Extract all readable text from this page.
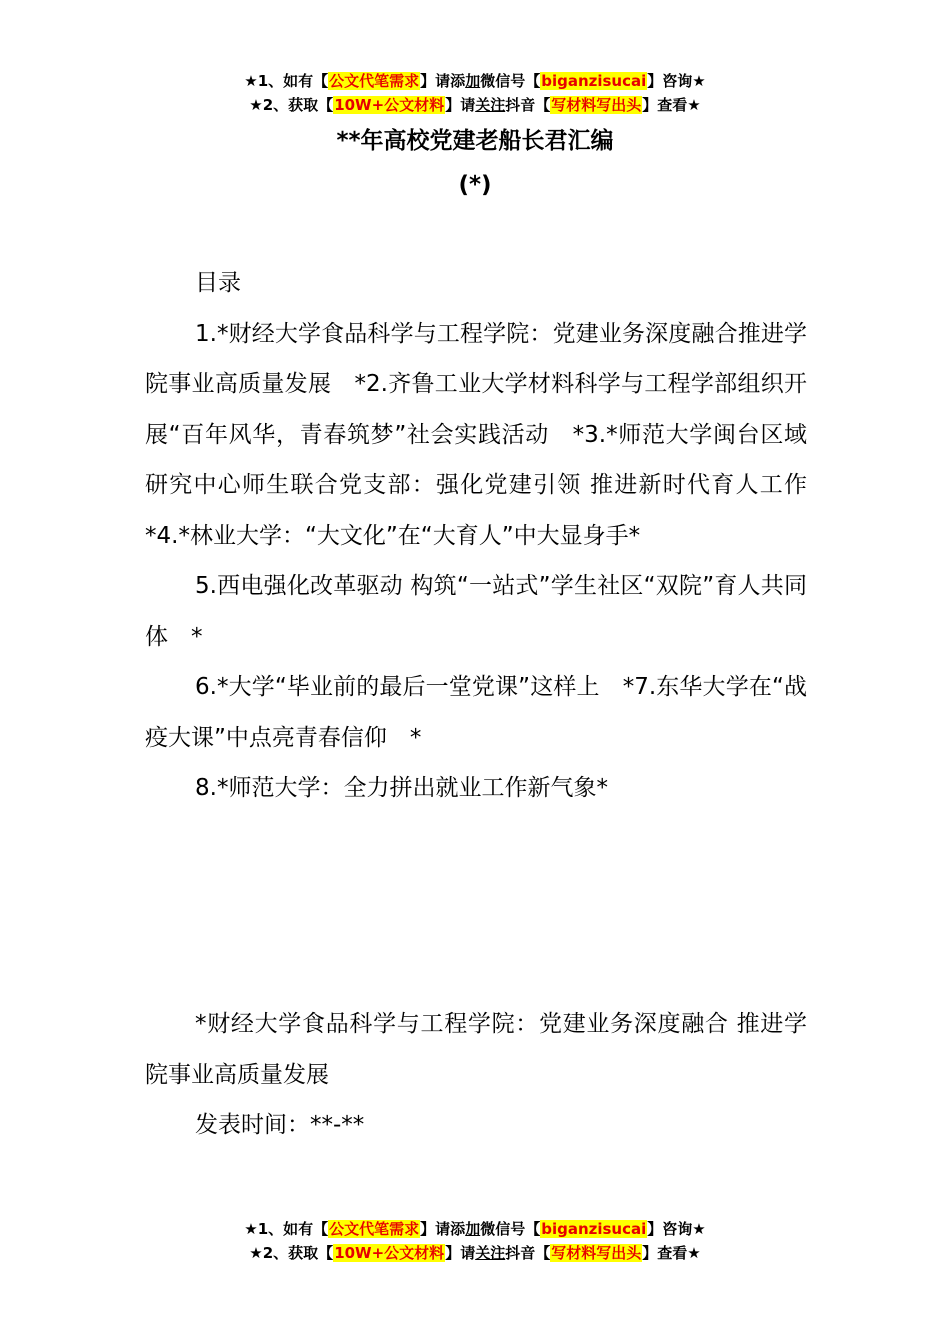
★1、如有【公文代笔需求】请添加微信号【biganzisucai】咨询★
★2、获取【10W+公文材料】请关注抖音【写材料写出头】查看★
**年高校党建老船长君汇编
(*)

目录

1.*财经大学食品科学与工程学院：党建业务深度融合推进学院事业高质量发展　*2.齐鲁工业大学材料科学与工程学部组织开展“百年风华，青春筑梦”社会实践活动　*3.*师范大学闽台区域研究中心师生联合党支部：强化党建引领 推进新时代育人工作　 *4.*林业大学：“大文化”在“大育人”中大显身手*

5.西电强化改革驱动 构筑“一站式”学生社区“双院”育人共同体　*

6.*大学“毕业前的最后一堂党课”这样上　*7.东华大学在“战疫大课”中点亮青春信仰　*

8.*师范大学：全力拼出就业工作新气象*

*财经大学食品科学与工程学院：党建业务深度融合 推进学院事业高质量发展

发表时间：**-**

★1、如有【公文代笔需求】请添加微信号【biganzisucai】咨询★
★2、获取【10W+公文材料】请关注抖音【写材料写出头】查看★
